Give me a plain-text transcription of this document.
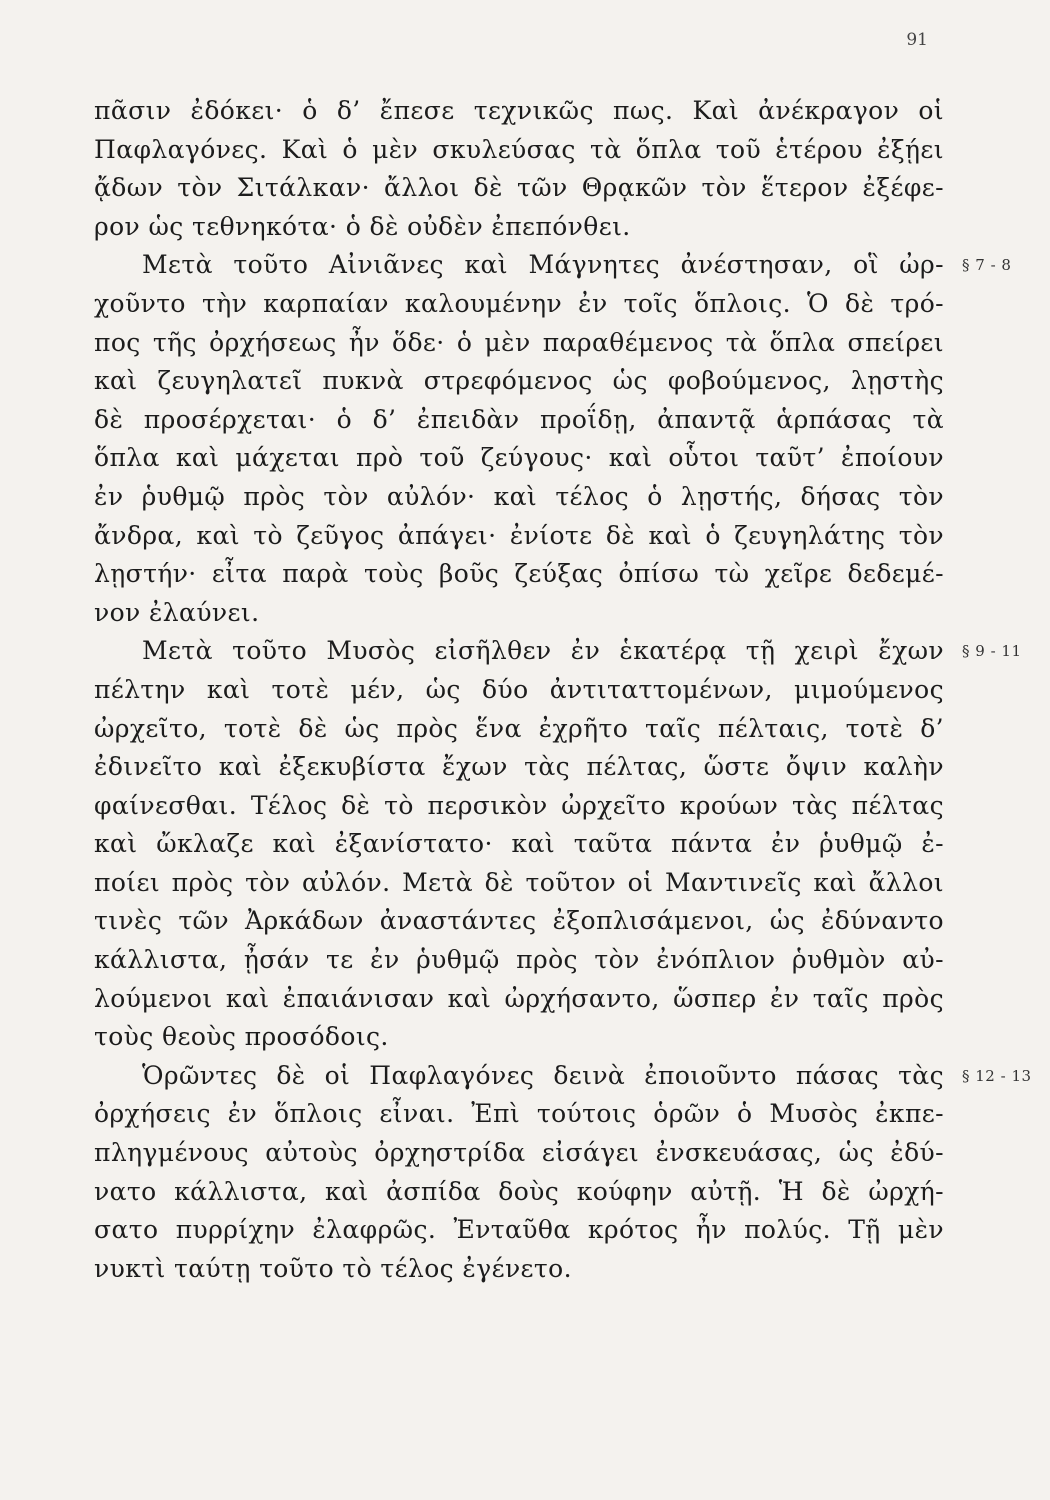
91
πᾶσιν ἐδόκει· ὁ δ’ ἔπεσε τεχνικῶς πως. Καὶ ἀνέκραγον οἱ
Παφλαγόνες. Καὶ ὁ μὲν σκυλεύσας τὰ ὅπλα τοῦ ἑτέρου ἐξῄει
ᾄδων τὸν Σιτάλκαν· ἄλλοι δὲ τῶν Θρᾳκῶν τὸν ἕτερον ἐξέφε-
ρον ὡς τεθνηκότα· ὁ δὲ οὐδὲν ἐπεπόνθει.
Μετὰ τοῦτο Αἰνιᾶνες καὶ Μάγνητες ἀνέστησαν, οἳ ὠρ- § 7 - 8
χοῦντο τὴν καρπαίαν καλουμένην ἐν τοῖς ὅπλοις. Ὁ δὲ τρό-
πος τῆς ὀρχήσεως ἦν ὅδε· ὁ μὲν παραθέμενος τὰ ὅπλα σπείρει
καὶ ζευγηλατεῖ πυκνὰ στρεφόμενος ὡς φοβούμενος, λῃστὴς
δὲ προσέρχεται· ὁ δ’ ἐπειδὰν προΐδῃ, ἀπαντᾷ ἁρπάσας τὰ
ὅπλα καὶ μάχεται πρὸ τοῦ ζεύγους· καὶ οὗτοι ταῦτ’ ἐποίουν
ἐν ῥυθμῷ πρὸς τὸν αὐλόν· καὶ τέλος ὁ λῃστής, δήσας τὸν
ἄνδρα, καὶ τὸ ζεῦγος ἀπάγει· ἐνίοτε δὲ καὶ ὁ ζευγηλάτης τὸν
λῃστήν· εἶτα παρὰ τοὺς βοῦς ζεύξας ὀπίσω τὼ χεῖρε δεδεμέ-
νον ἐλαύνει.
Μετὰ τοῦτο Μυσὸς εἰσῆλθεν ἐν ἑκατέρᾳ τῇ χειρὶ ἔχων § 9 - 11
πέλτην καὶ τοτὲ μέν, ὡς δύο ἀντιταττομένων, μιμούμενος
ὠρχεῖτο, τοτὲ δὲ ὡς πρὸς ἕνα ἐχρῆτο ταῖς πέλταις, τοτὲ δ’
ἐδινεῖτο καὶ ἐξεκυβίστα ἔχων τὰς πέλτας, ὥστε ὄψιν καλὴν
φαίνεσθαι. Τέλος δὲ τὸ περσικὸν ὠρχεῖτο κρούων τὰς πέλτας
καὶ ὤκλαζε καὶ ἐξανίστατο· καὶ ταῦτα πάντα ἐν ῥυθμῷ ἐ-
ποίει πρὸς τὸν αὐλόν. Μετὰ δὲ τοῦτον οἱ Μαντινεῖς καὶ ἄλλοι
τινὲς τῶν Ἀρκάδων ἀναστάντες ἐξοπλισάμενοι, ὡς ἐδύναντο
κάλλιστα, ᾖσάν τε ἐν ῥυθμῷ πρὸς τὸν ἐνόπλιον ῥυθμὸν αὐ-
λούμενοι καὶ ἐπαιάνισαν καὶ ὠρχήσαντο, ὥσπερ ἐν ταῖς πρὸς
τοὺς θεοὺς προσόδοις.
Ὁρῶντες δὲ οἱ Παφλαγόνες δεινὰ ἐποιοῦντο πάσας τὰς § 12 - 13
ὀρχήσεις ἐν ὅπλοις εἶναι. Ἐπὶ τούτοις ὁρῶν ὁ Μυσὸς ἐκπε-
πληγμένους αὐτοὺς ὀρχηστρίδα εἰσάγει ἐνσκευάσας, ὡς ἐδύ-
νατο κάλλιστα, καὶ ἀσπίδα δοὺς κούφην αὐτῇ. Ἡ δὲ ὠρχή-
σατο πυρρίχην ἐλαφρῶς. Ἐνταῦθα κρότος ἦν πολύς. Τῇ μὲν
νυκτὶ ταύτῃ τοῦτο τὸ τέλος ἐγένετο.
